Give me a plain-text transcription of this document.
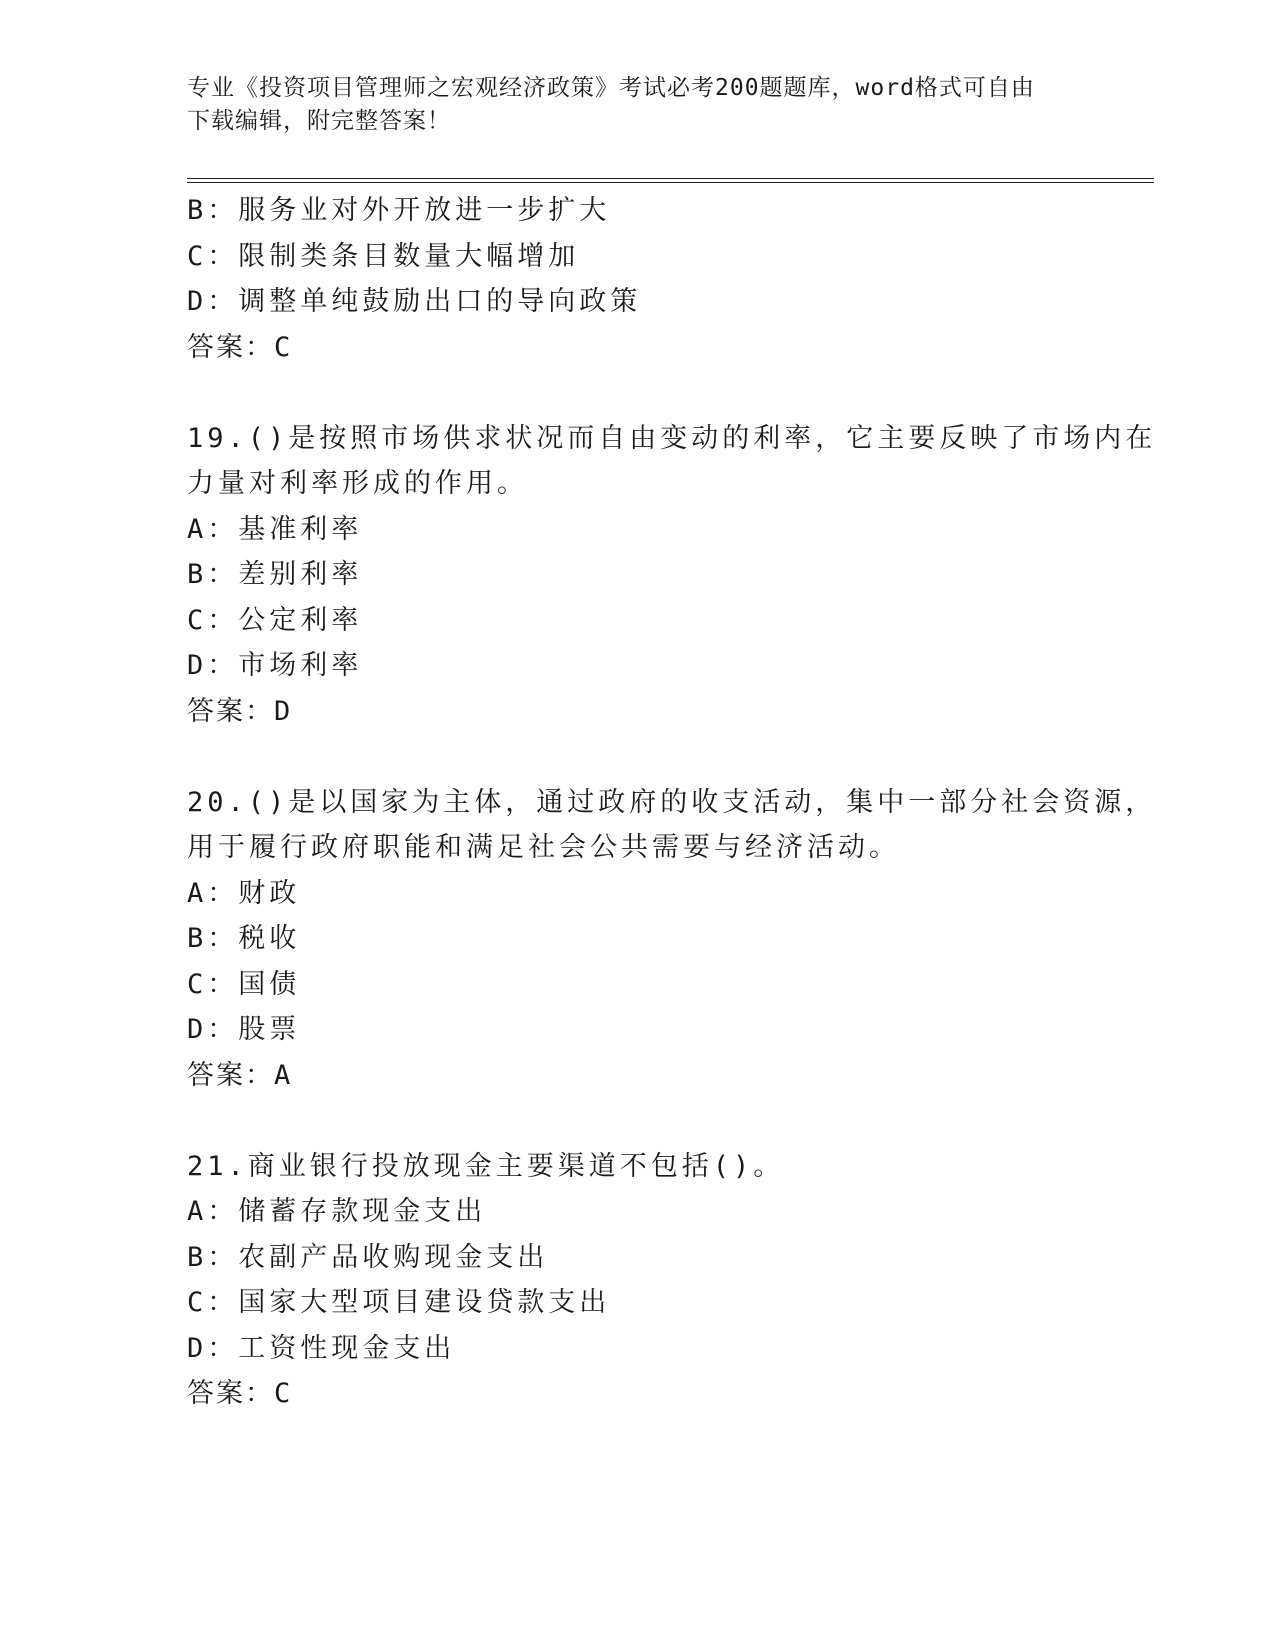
专业《投资项目管理师之宏观经济政策》考试必考200题题库，word格式可自由
下载编辑，附完整答案！
B：服务业对外开放进一步扩大
C：限制类条目数量大幅增加
D：调整单纯鼓励出口的导向政策
答案：C
19.()是按照市场供求状况而自由变动的利率，它主要反映了市场内在
力量对利率形成的作用。
A：基准利率
B：差别利率
C：公定利率
D：市场利率
答案：D
20.()是以国家为主体，通过政府的收支活动，集中一部分社会资源，
用于履行政府职能和满足社会公共需要与经济活动。
A：财政
B：税收
C：国债
D：股票
答案：A
21.商业银行投放现金主要渠道不包括()。
A：储蓄存款现金支出
B：农副产品收购现金支出
C：国家大型项目建设贷款支出
D：工资性现金支出
答案：C
